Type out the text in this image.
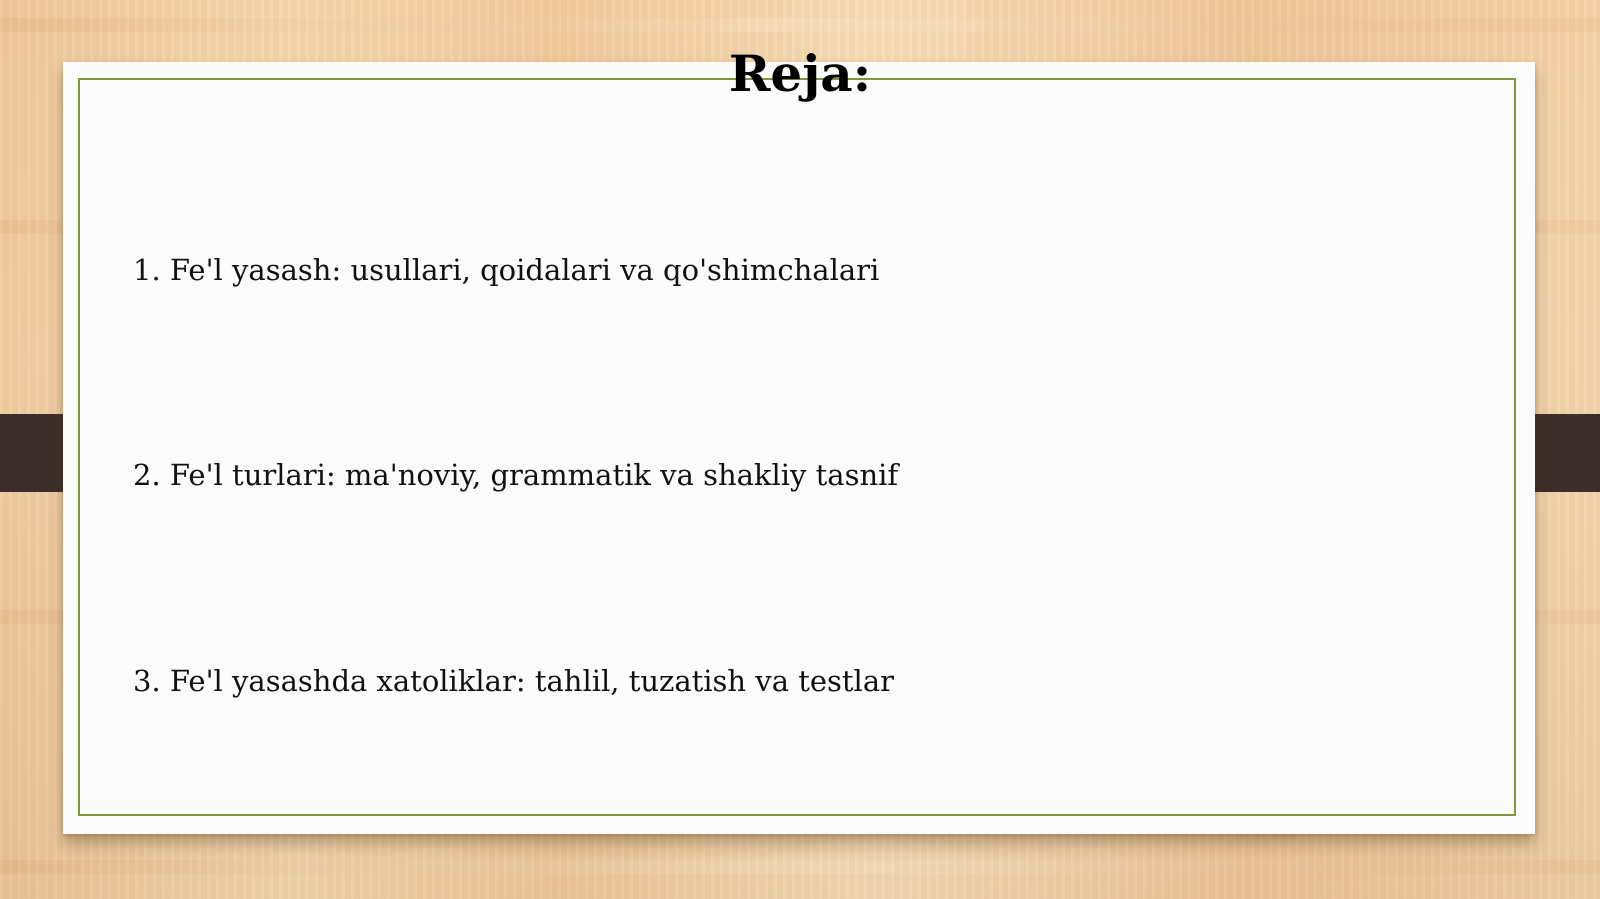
Reja:

1. Fe'l yasash: usullari, qoidalari va qo'shimchalari

2. Fe'l turlari: ma'noviy, grammatik va shakliy tasnif

3. Fe'l yasashda xatoliklar: tahlil, tuzatish va testlar
